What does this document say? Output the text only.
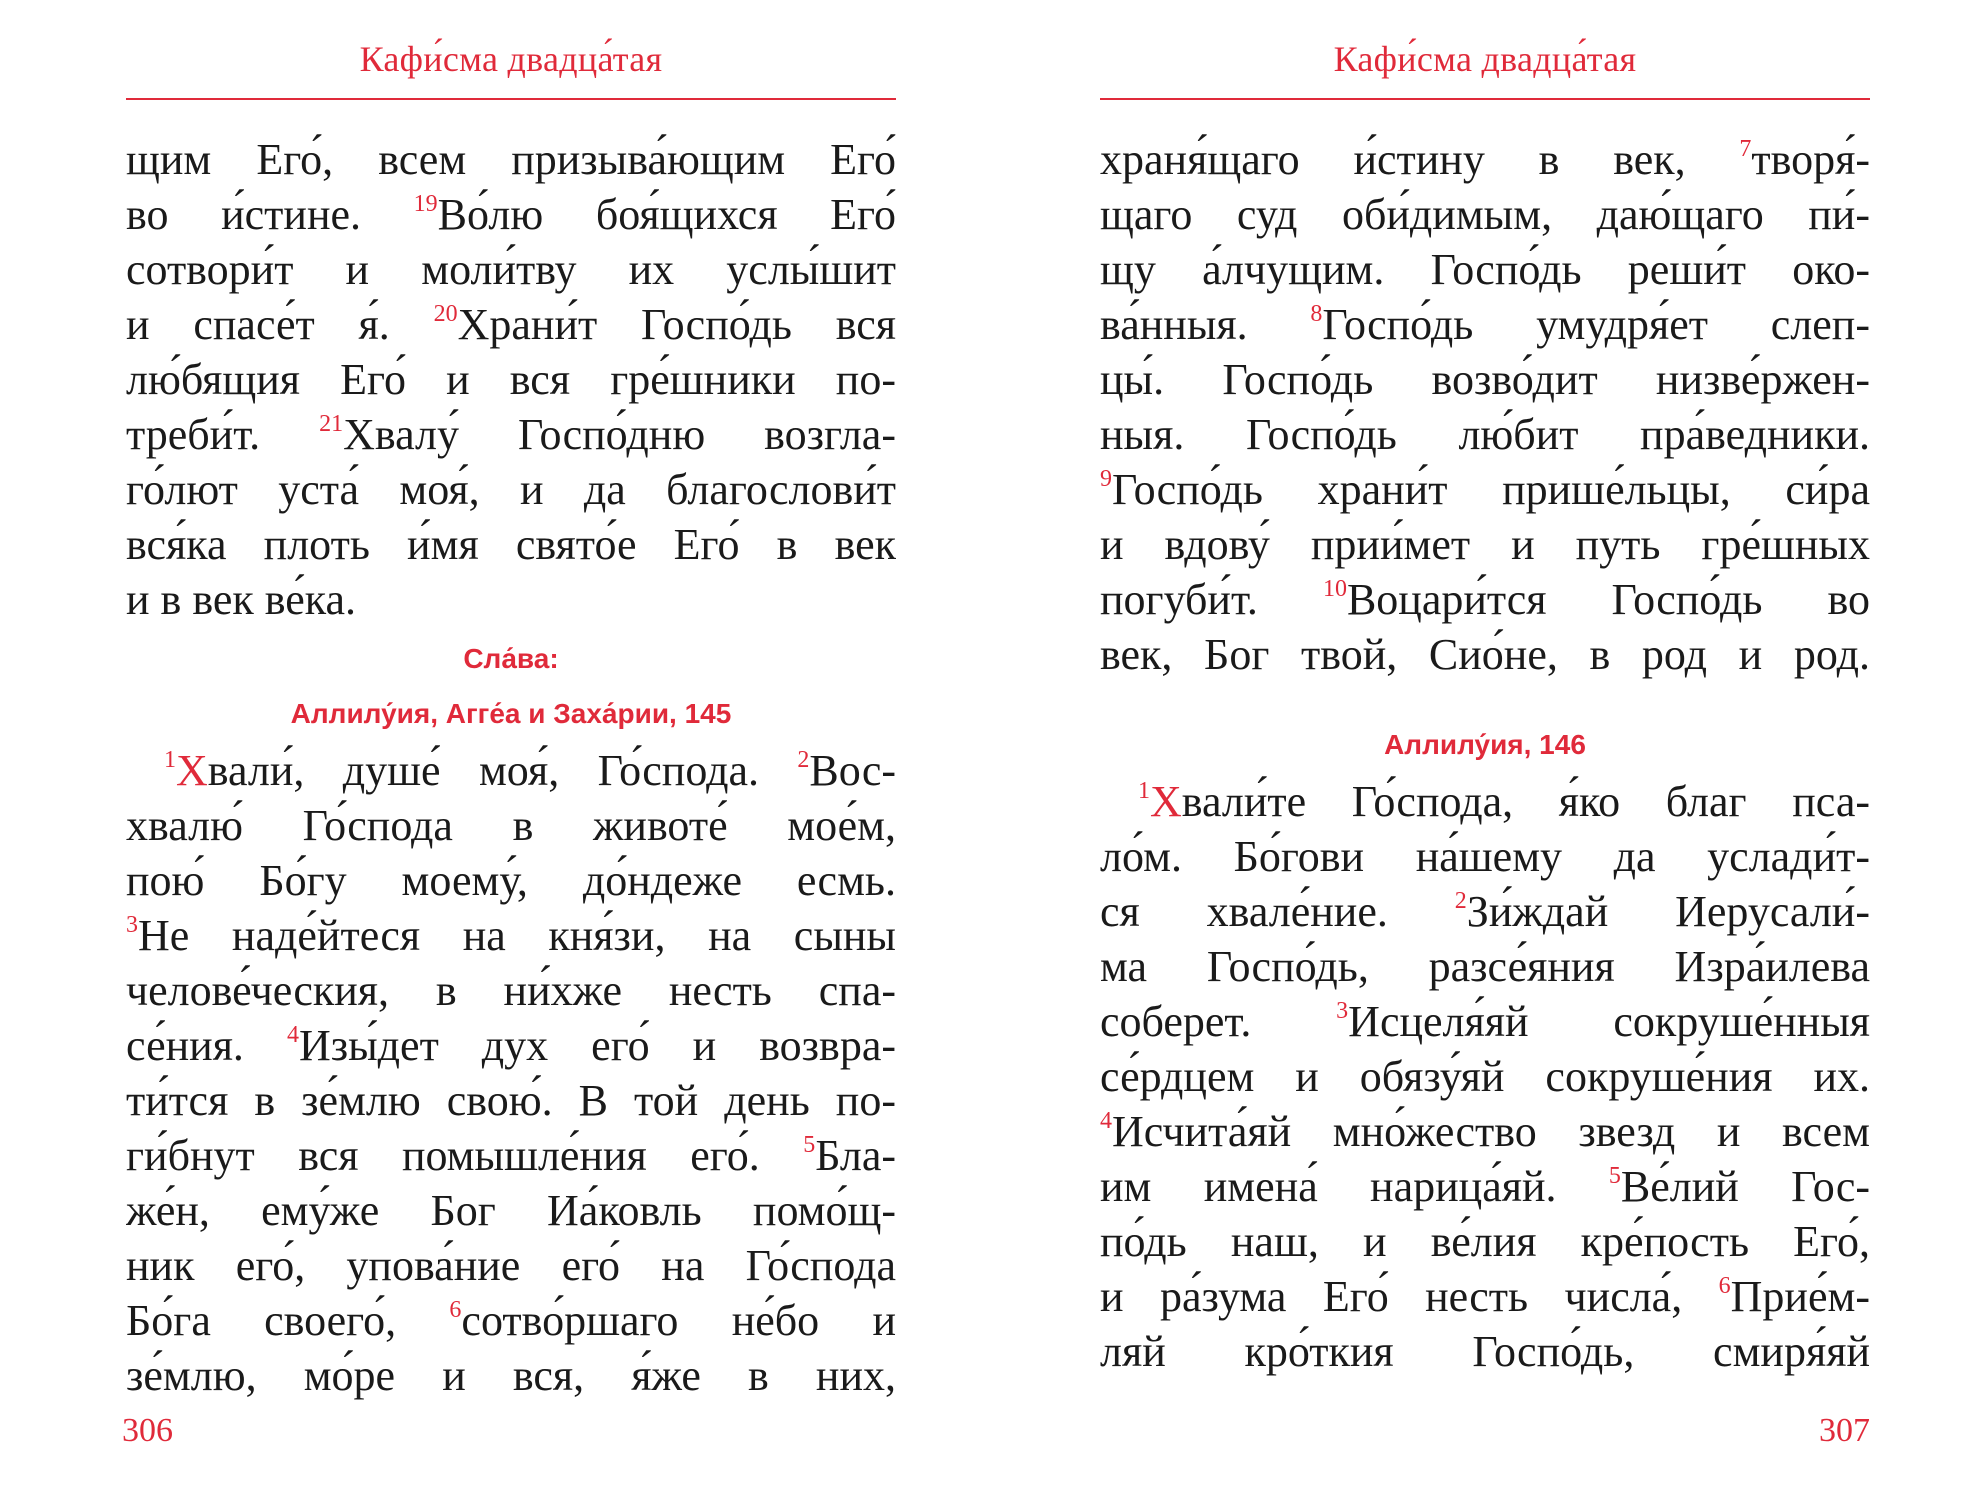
Кафи́сма двадца́тая
щим Его́, всем призыва́ющим Его́
во и́стине. $^{19}$Во́лю боя́щихся Его́
сотвори́т и моли́тву их услы́шит
и спасе́т я́. $^{20}$Храни́т Госпо́дь вся
лю́бящия Его́ и вся гре́шники по-
треби́т. $^{21}$Хвалу́ Госпо́дню возгла-
го́лют уста́ моя́, и да благослови́т
вся́ка плоть и́мя свято́е Его́ в век
и в век ве́ка.
Сла́ва:
Аллилу́ия, Агге́а и Заха́рии, 145
$^1$Хвали́, душе́ моя́, Го́спода. $^2$Вос-
хвалю́ Го́спода в животе́ мое́м,
пою́ Бо́гу моему́, до́ндеже есмь.
$^3$Не наде́йтеся на кня́зи, на сыны
челове́ческия, в ни́хже несть спа-
се́ния. $^4$Изы́дет дух его́ и возвра-
ти́тся в зе́млю свою́. В той день по-
ги́бнут вся помышле́ния его́. $^5$Бла-
же́н, ему́же Бог Иа́ковль помо́щ-
ник его́, упова́ние его́ на Го́спода
Бо́га своего́, $^6$сотво́ршаго не́бо и
зе́млю, мо́ре и вся, я́же в них,
306
Кафи́сма двадца́тая
храня́щаго и́стину в век, $^7$творя́-
щаго суд оби́димым, даю́щаго пи́-
щу а́лчущим. Госпо́дь реши́т око-
ва́нныя.	$^8$Госпо́дь умудря́ет слеп-
цы́. Госпо́дь возво́дит низве́ржен-
ныя. Госпо́дь лю́бит пра́ведники.
$^9$Госпо́дь храни́т прише́льцы, си́ра
и вдову́ прии́мет и путь гре́шных
погуби́т.	$^{10}$Воцари́тся Госпо́дь во
век, Бог твой, Сио́не, в род и род.
Аллилу́ия, 146
$^1$Хвали́те Го́спода, я́ко благ пса-
ло́м. Бо́гови на́шему да услади́т-
ся хвале́ние.	$^2$Зи́ждай Иерусали́-
ма Госпо́дь, разсе́яния Изра́илева
соберет.	$^3$Исцеля́яй сокруше́нныя
се́рдцем и обязу́яй сокруше́ния их.
$^4$Исчита́яй мно́жество звезд и всем
им имена́ нарица́яй. $^5$Ве́лий Гос-
по́дь наш, и ве́лия кре́пость Его́,
и ра́зума Его́ несть числа́, $^6$Прие́м-
ляй кро́ткия Госпо́дь, смиря́яй
307
